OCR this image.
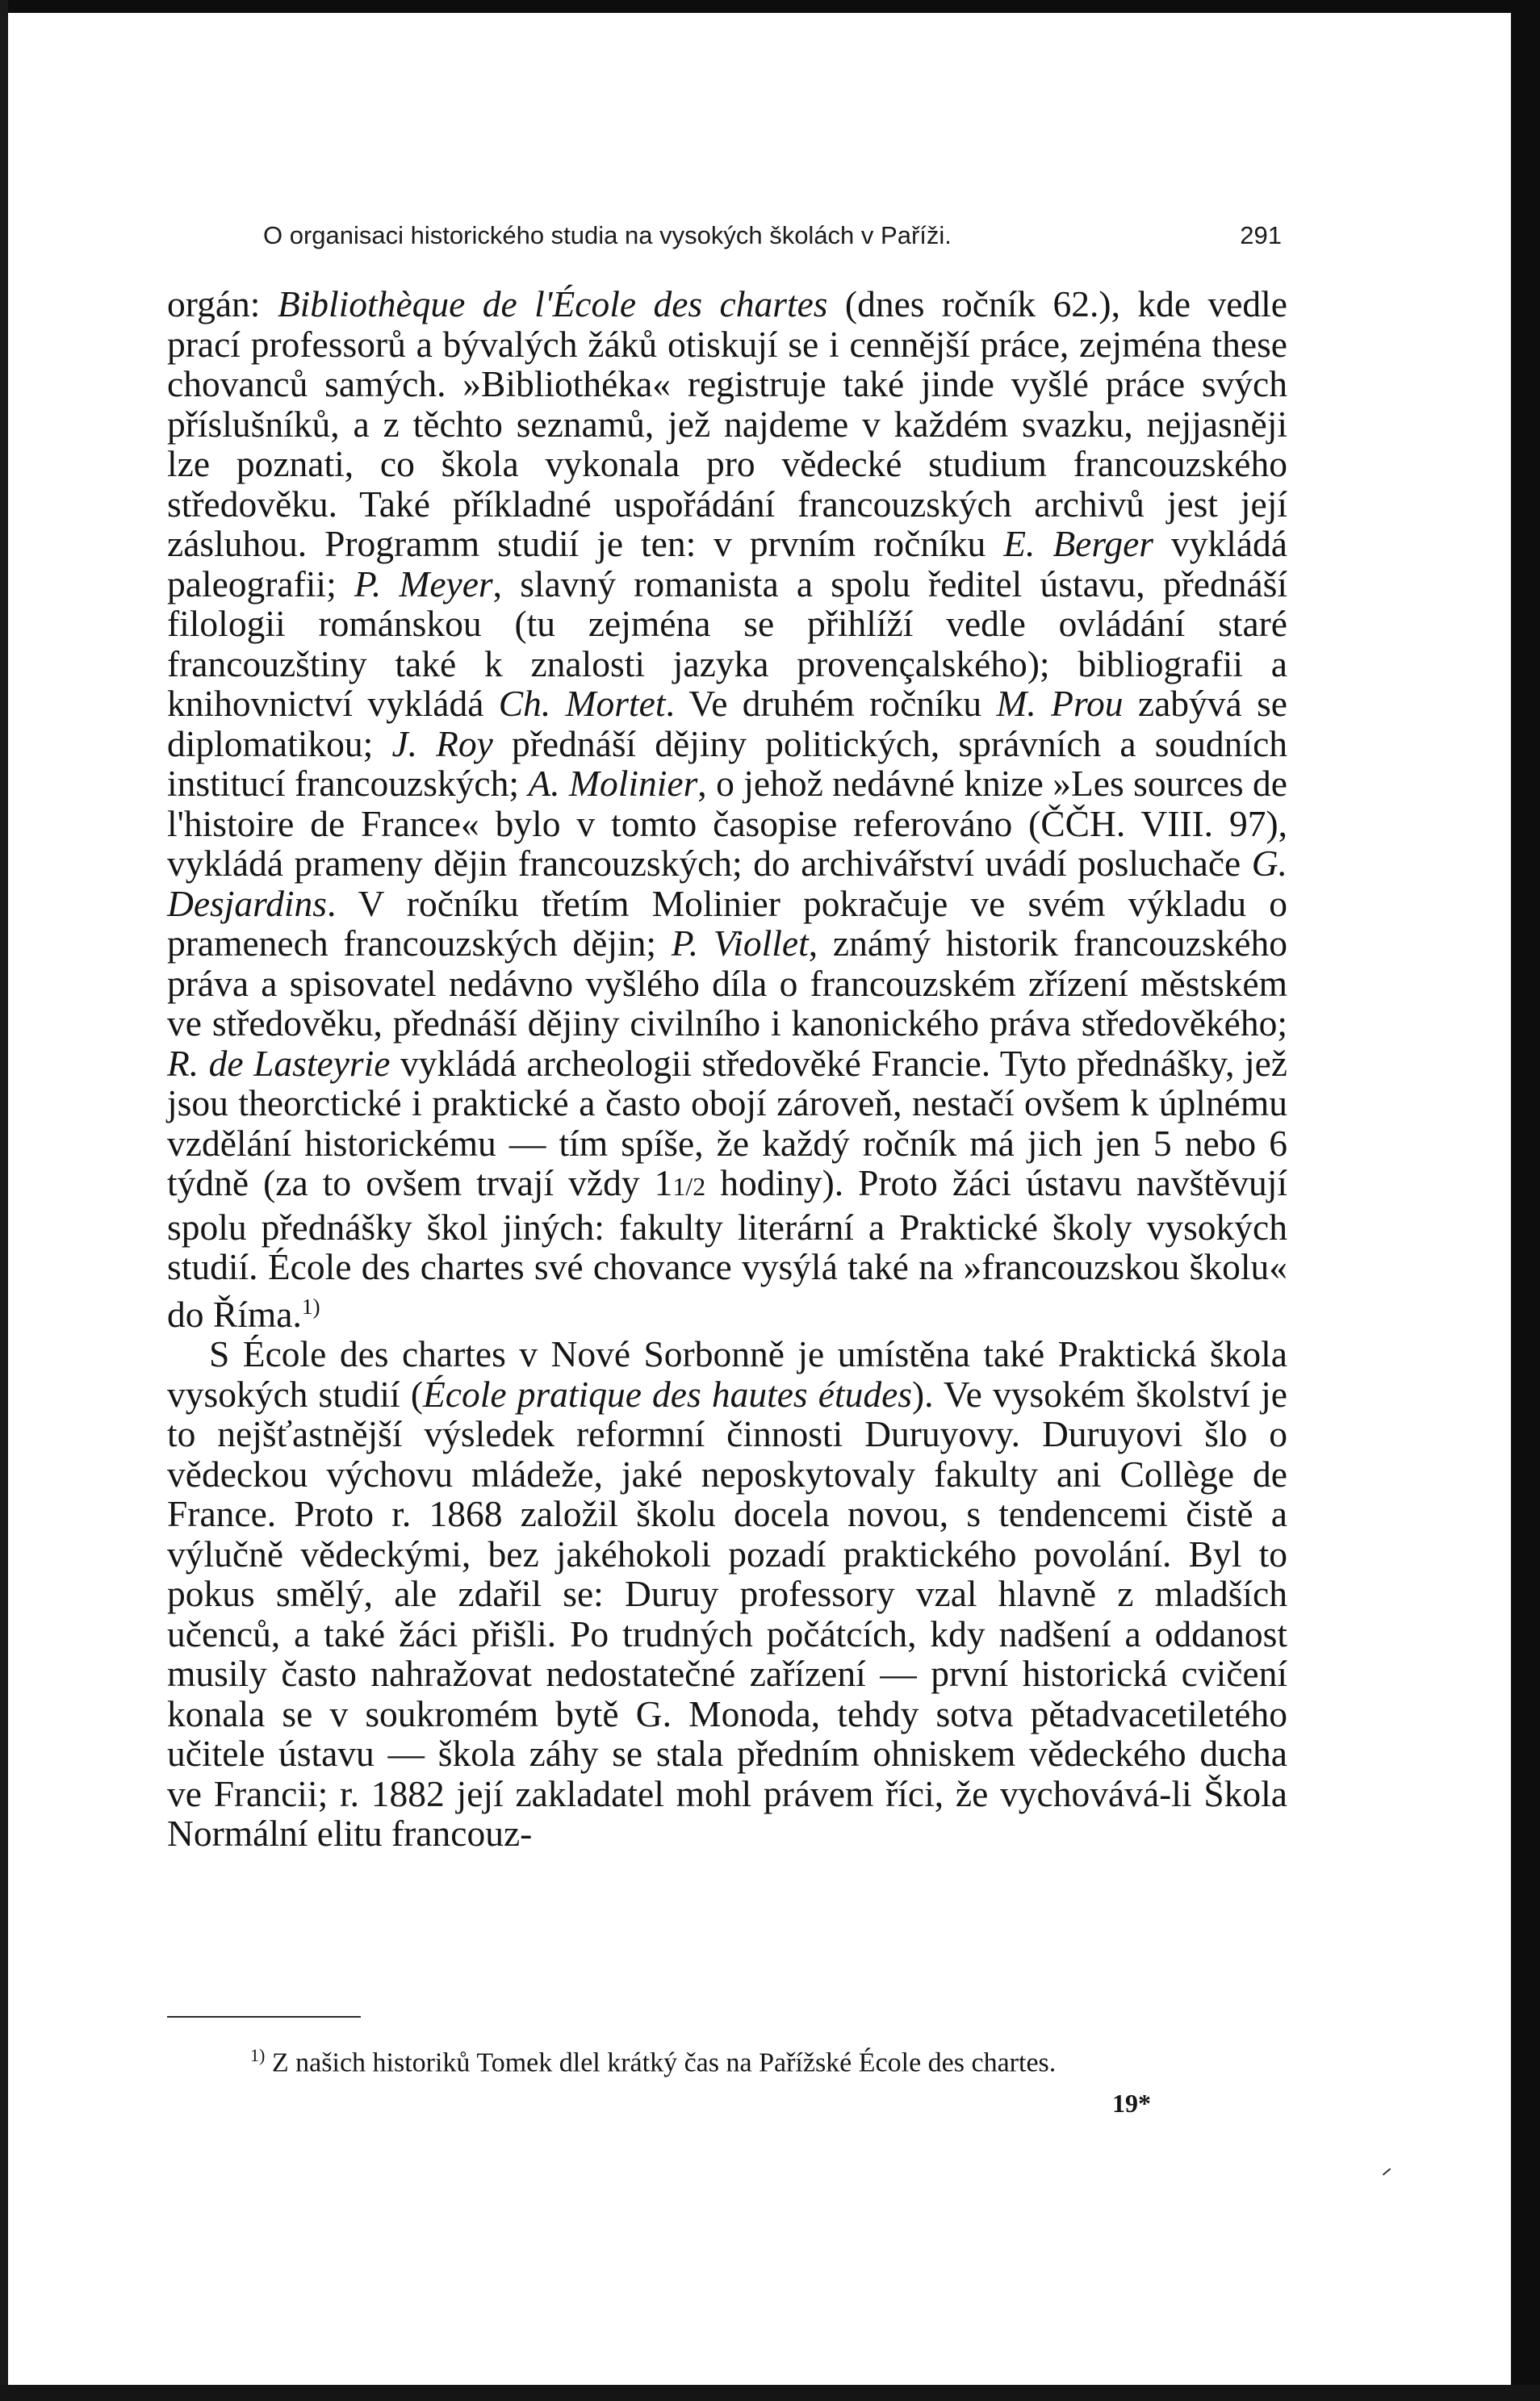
O organisaci historického studia na vysokých školách v Paříži.	291

orgán: Bibliothèque de l'École des chartes (dnes ročník 62.), kde vedle prací professorů a bývalých žáků otiskují se i cennější práce, zejména these chovanců samých. »Bibliothéka« registruje také jinde vyšlé práce svých příslušníků, a z těchto seznamů, jež najdeme v každém svazku, nejjasněji lze poznati, co škola vykonala pro vědecké studium francouzského středověku. Také příkladné uspořádání francouzských archivů jest její zásluhou. Programm studií je ten: v prvním ročníku E. Berger vykládá paleografii; P. Meyer, slavný romanista a spolu ředitel ústavu, přednáší filologii románskou (tu zejména se přihlíží vedle ovládání staré francouzštiny také k znalosti jazyka provençalského); bibliografii a knihovnictví vykládá Ch. Mortet. Ve druhém ročníku M. Prou zabývá se diplomatikou; J. Roy přednáší dějiny politických, správních a soudních institucí francouzských; A. Molinier, o jehož nedávné knize »Les sources de l'histoire de France« bylo v tomto časopise referováno (ČČH. VIII. 97), vykládá prameny dějin francouzských; do archivářství uvádí posluchače G. Desjardins. V ročníku třetím Molinier pokračuje ve svém výkladu o pramenech francouzských dějin; P. Viollet, známý historik francouzského práva a spisovatel nedávno vyšlého díla o francouzském zřízení městském ve středověku, přednáší dějiny civilního i kanonického práva středověkého; R. de Lasteyrie vykládá archeologii středověké Francie. Tyto přednášky, jež jsou theorctické i praktické a často obojí zároveň, nestačí ovšem k úplnému vzdělání historickému — tím spíše, že každý ročník má jich jen 5 nebo 6 týdně (za to ovšem trvají vždy 11/2 hodiny). Proto žáci ústavu navštěvují spolu přednášky škol jiných: fakulty literární a Praktické školy vysokých studií. École des chartes své chovance vysýlá také na »francouzskou školu« do Říma.$^{1)}$

S École des chartes v Nové Sorbonně je umístěna také Praktická škola vysokých studií (École pratique des hautes études). Ve vysokém školství je to nejšťastnější výsledek reformní činnosti Duruyovy. Duruyovi šlo o vědeckou výchovu mládeže, jaké neposkytovaly fakulty ani Collège de France. Proto r. 1868 založil školu docela novou, s tendencemi čistě a výlučně vědeckými, bez jakéhokoli pozadí praktického povolání. Byl to pokus smělý, ale zdařil se: Duruy professory vzal hlavně z mladších učenců, a také žáci přišli. Po trudných počátcích, kdy nadšení a oddanost musily často nahražovat nedostatečné zařízení — první historická cvičení konala se v soukromém bytě G. Monoda, tehdy sotva pětadvacetiletého učitele ústavu — škola záhy se stala předním ohniskem vědeckého ducha ve Francii; r. 1882 její zakladatel mohl právem říci, že vychovává-li Škola Normální elitu francouz-

$^{1)}$ Z našich historiků Tomek dlel krátký čas na Pařížské École des chartes.
19*
